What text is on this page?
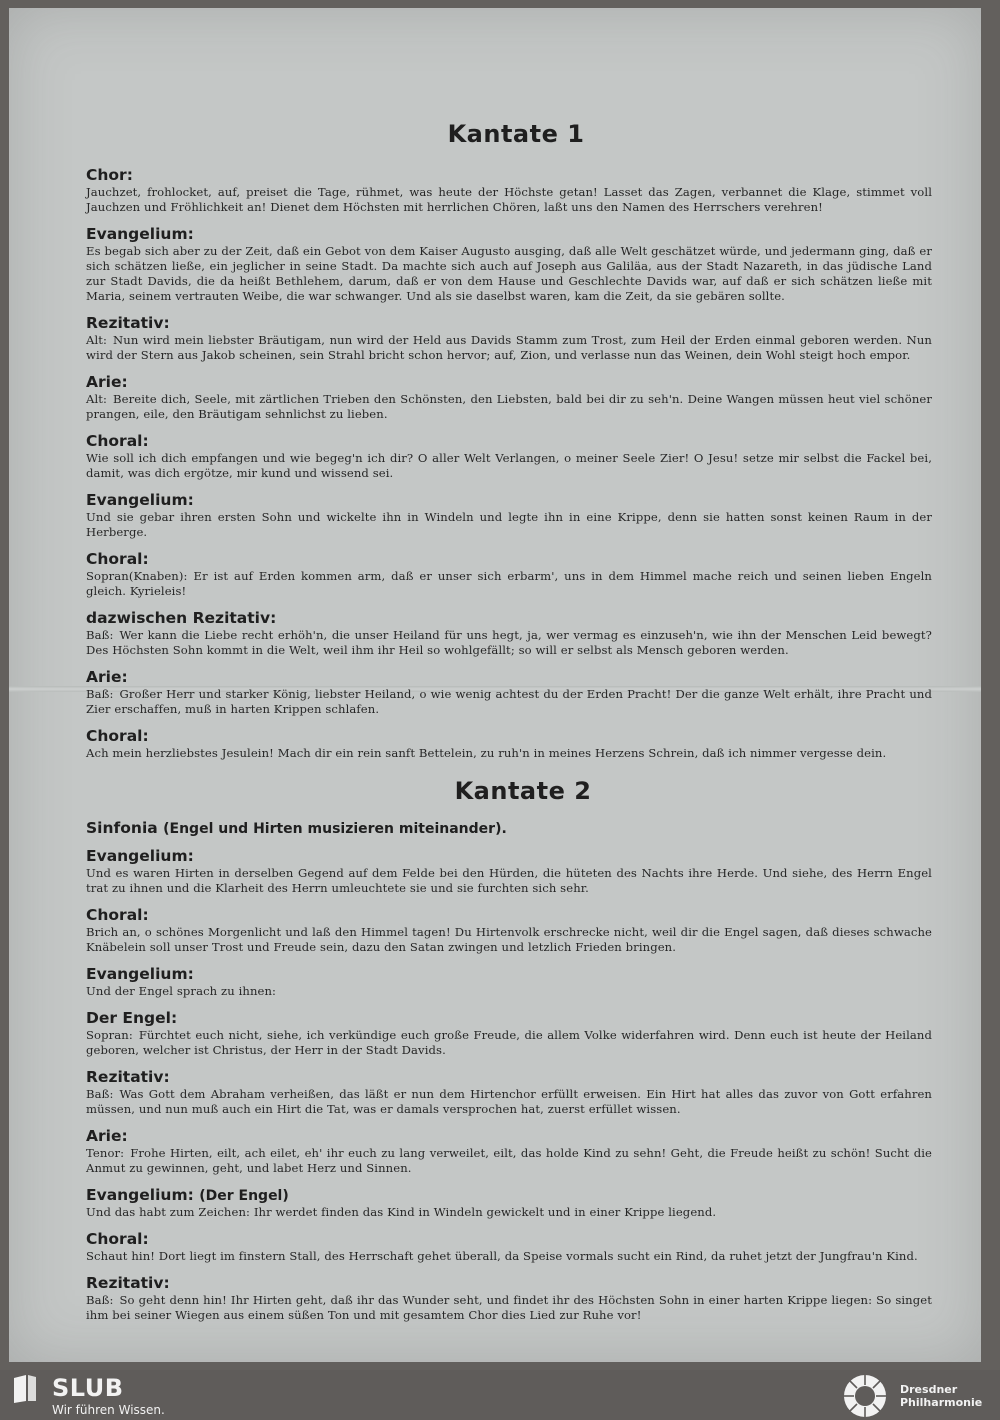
Kantate 1
Chor:
Jauchzet, frohlocket, auf, preiset die Tage, rühmet, was heute der Höchste getan! Lasset das Zagen, verbannet die Klage, stimmet voll Jauchzen und Fröhlichkeit an! Dienet dem Höchsten mit herrlichen Chören, laßt uns den Namen des Herrschers verehren!
Evangelium:
Es begab sich aber zu der Zeit, daß ein Gebot von dem Kaiser Augusto ausging, daß alle Welt geschätzet würde, und jedermann ging, daß er sich schätzen ließe, ein jeglicher in seine Stadt. Da machte sich auch auf Joseph aus Galiläa, aus der Stadt Nazareth, in das jüdische Land zur Stadt Davids, die da heißt Bethlehem, darum, daß er von dem Hause und Geschlechte Davids war, auf daß er sich schätzen ließe mit Maria, seinem vertrauten Weibe, die war schwanger. Und als sie daselbst waren, kam die Zeit, da sie gebären sollte.
Rezitativ:
Alt: Nun wird mein liebster Bräutigam, nun wird der Held aus Davids Stamm zum Trost, zum Heil der Erden einmal geboren werden. Nun wird der Stern aus Jakob scheinen, sein Strahl bricht schon hervor; auf, Zion, und verlasse nun das Weinen, dein Wohl steigt hoch empor.
Arie:
Alt: Bereite dich, Seele, mit zärtlichen Trieben den Schönsten, den Liebsten, bald bei dir zu seh'n. Deine Wangen müssen heut viel schöner prangen, eile, den Bräutigam sehnlichst zu lieben.
Choral:
Wie soll ich dich empfangen und wie begeg'n ich dir? O aller Welt Verlangen, o meiner Seele Zier! O Jesu! setze mir selbst die Fackel bei, damit, was dich ergötze, mir kund und wissend sei.
Evangelium:
Und sie gebar ihren ersten Sohn und wickelte ihn in Windeln und legte ihn in eine Krippe, denn sie hatten sonst keinen Raum in der Herberge.
Choral:
Sopran(Knaben): Er ist auf Erden kommen arm, daß er unser sich erbarm', uns in dem Himmel mache reich und seinen lieben Engeln gleich. Kyrieleis!
dazwischen Rezitativ:
Baß: Wer kann die Liebe recht erhöh'n, die unser Heiland für uns hegt, ja, wer vermag es einzuseh'n, wie ihn der Menschen Leid bewegt? Des Höchsten Sohn kommt in die Welt, weil ihm ihr Heil so wohlgefällt; so will er selbst als Mensch geboren werden.
Arie:
Baß: Großer Herr und starker König, liebster Heiland, o wie wenig achtest du der Erden Pracht! Der die ganze Welt erhält, ihre Pracht und Zier erschaffen, muß in harten Krippen schlafen.
Choral:
Ach mein herzliebstes Jesulein! Mach dir ein rein sanft Bettelein, zu ruh'n in meines Herzens Schrein, daß ich nimmer vergesse dein.
Kantate 2
Sinfonia (Engel und Hirten musizieren miteinander).
Evangelium:
Und es waren Hirten in derselben Gegend auf dem Felde bei den Hürden, die hüteten des Nachts ihre Herde. Und siehe, des Herrn Engel trat zu ihnen und die Klarheit des Herrn umleuchtete sie und sie furchten sich sehr.
Choral:
Brich an, o schönes Morgenlicht und laß den Himmel tagen! Du Hirtenvolk erschrecke nicht, weil dir die Engel sagen, daß dieses schwache Knäbelein soll unser Trost und Freude sein, dazu den Satan zwingen und letzlich Frieden bringen.
Evangelium:
Und der Engel sprach zu ihnen:
Der Engel:
Sopran: Fürchtet euch nicht, siehe, ich verkündige euch große Freude, die allem Volke widerfahren wird. Denn euch ist heute der Heiland geboren, welcher ist Christus, der Herr in der Stadt Davids.
Rezitativ:
Baß: Was Gott dem Abraham verheißen, das läßt er nun dem Hirtenchor erfüllt erweisen. Ein Hirt hat alles das zuvor von Gott erfahren müssen, und nun muß auch ein Hirt die Tat, was er damals versprochen hat, zuerst erfüllet wissen.
Arie:
Tenor: Frohe Hirten, eilt, ach eilet, eh' ihr euch zu lang verweilet, eilt, das holde Kind zu sehn! Geht, die Freude heißt zu schön! Sucht die Anmut zu gewinnen, geht, und labet Herz und Sinnen.
Evangelium: (Der Engel)
Und das habt zum Zeichen: Ihr werdet finden das Kind in Windeln gewickelt und in einer Krippe liegend.
Choral:
Schaut hin! Dort liegt im finstern Stall, des Herrschaft gehet überall, da Speise vormals sucht ein Rind, da ruhet jetzt der Jungfrau'n Kind.
Rezitativ:
Baß: So geht denn hin! Ihr Hirten geht, daß ihr das Wunder seht, und findet ihr des Höchsten Sohn in einer harten Krippe liegen: So singet ihm bei seiner Wiegen aus einem süßen Ton und mit gesamtem Chor dies Lied zur Ruhe vor!
SLUB
Wir führen Wissen.
Dresdner
Philharmonie
